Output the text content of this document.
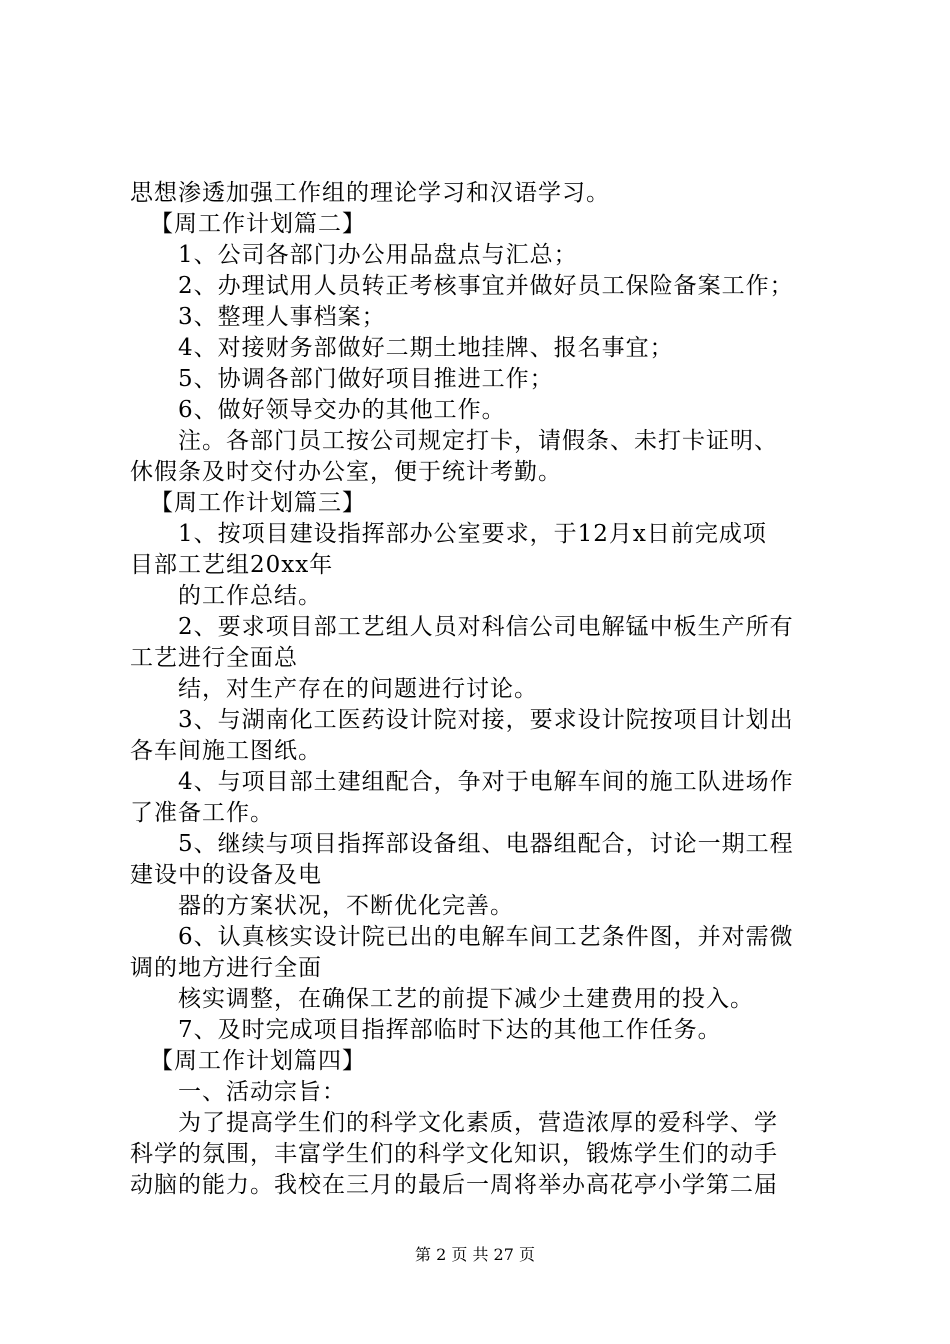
思想渗透加强工作组的理论学习和汉语学习。
【周工作计划篇二】
1、公司各部门办公用品盘点与汇总；
2、办理试用人员转正考核事宜并做好员工保险备案工作；
3、整理人事档案；
4、对接财务部做好二期土地挂牌、报名事宜；
5、协调各部门做好项目推进工作；
6、做好领导交办的其他工作。
注。各部门员工按公司规定打卡，请假条、未打卡证明、
休假条及时交付办公室，便于统计考勤。
【周工作计划篇三】
1、按项目建设指挥部办公室要求，于12月x日前完成项
目部工艺组20xx年
的工作总结。
2、要求项目部工艺组人员对科信公司电解锰中板生产所有
工艺进行全面总
结，对生产存在的问题进行讨论。
3、与湖南化工医药设计院对接，要求设计院按项目计划出
各车间施工图纸。
4、与项目部土建组配合，争对于电解车间的施工队进场作
了准备工作。
5、继续与项目指挥部设备组、电器组配合，讨论一期工程
建设中的设备及电
器的方案状况，不断优化完善。
6、认真核实设计院已出的电解车间工艺条件图，并对需微
调的地方进行全面
核实调整，在确保工艺的前提下减少土建费用的投入。
7、及时完成项目指挥部临时下达的其他工作任务。
【周工作计划篇四】
一、活动宗旨：
为了提高学生们的科学文化素质，营造浓厚的爱科学、学
科学的氛围，丰富学生们的科学文化知识，锻炼学生们的动手
动脑的能力。我校在三月的最后一周将举办高花亭小学第二届
第 2 页 共 27 页
